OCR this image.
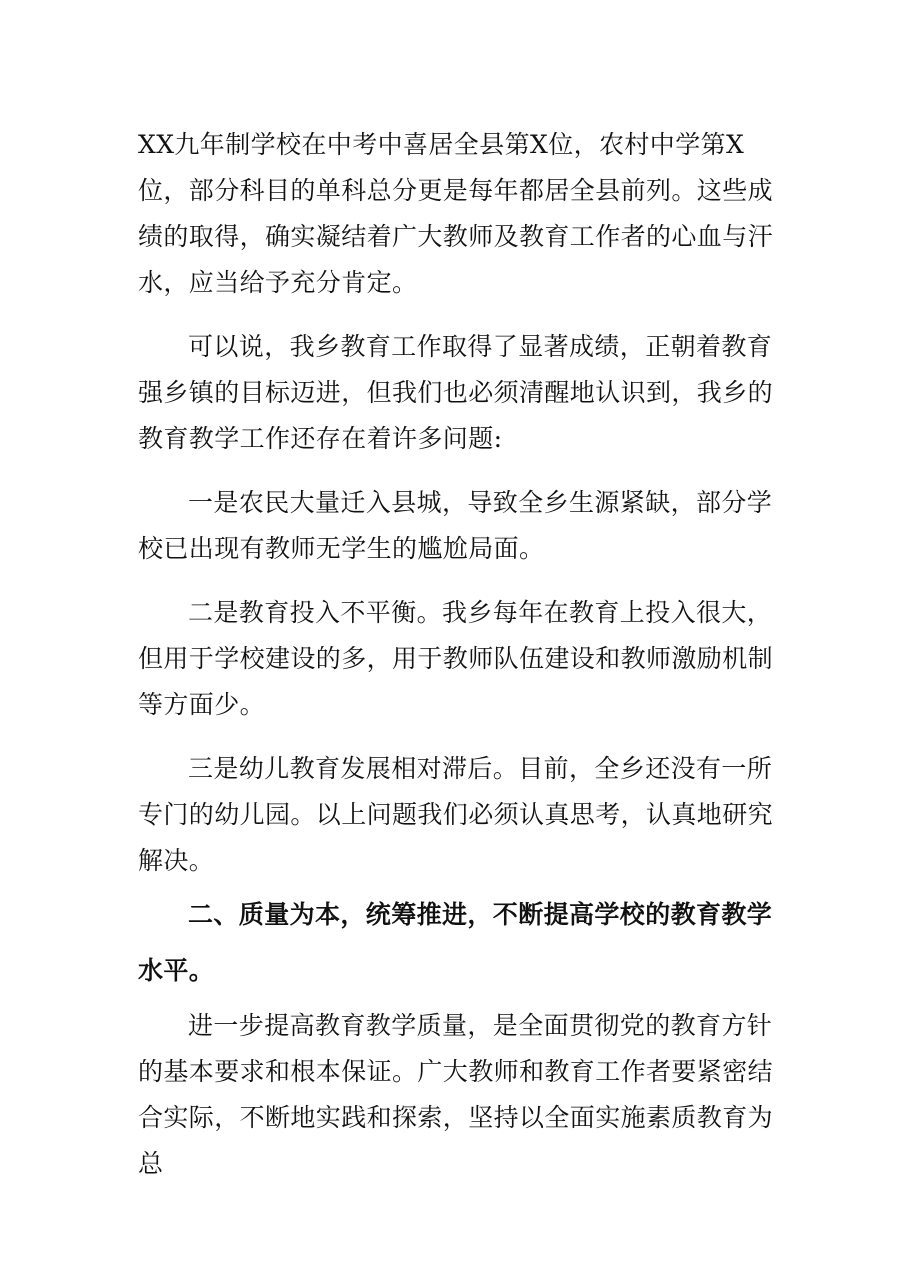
XX九年制学校在中考中喜居全县第X位，农村中学第X位，部分科目的单科总分更是每年都居全县前列。这些成绩的取得，确实凝结着广大教师及教育工作者的心血与汗水，应当给予充分肯定。

可以说，我乡教育工作取得了显著成绩，正朝着教育强乡镇的目标迈进，但我们也必须清醒地认识到，我乡的教育教学工作还存在着许多问题:

一是农民大量迁入县城，导致全乡生源紧缺，部分学校已出现有教师无学生的尴尬局面。

二是教育投入不平衡。我乡每年在教育上投入很大，但用于学校建设的多，用于教师队伍建设和教师激励机制等方面少。

三是幼儿教育发展相对滞后。目前，全乡还没有一所专门的幼儿园。以上问题我们必须认真思考，认真地研究解决。

二、质量为本，统筹推进，不断提高学校的教育教学水平。

进一步提高教育教学质量，是全面贯彻党的教育方针的基本要求和根本保证。广大教师和教育工作者要紧密结合实际，不断地实践和探索，坚持以全面实施素质教育为总
